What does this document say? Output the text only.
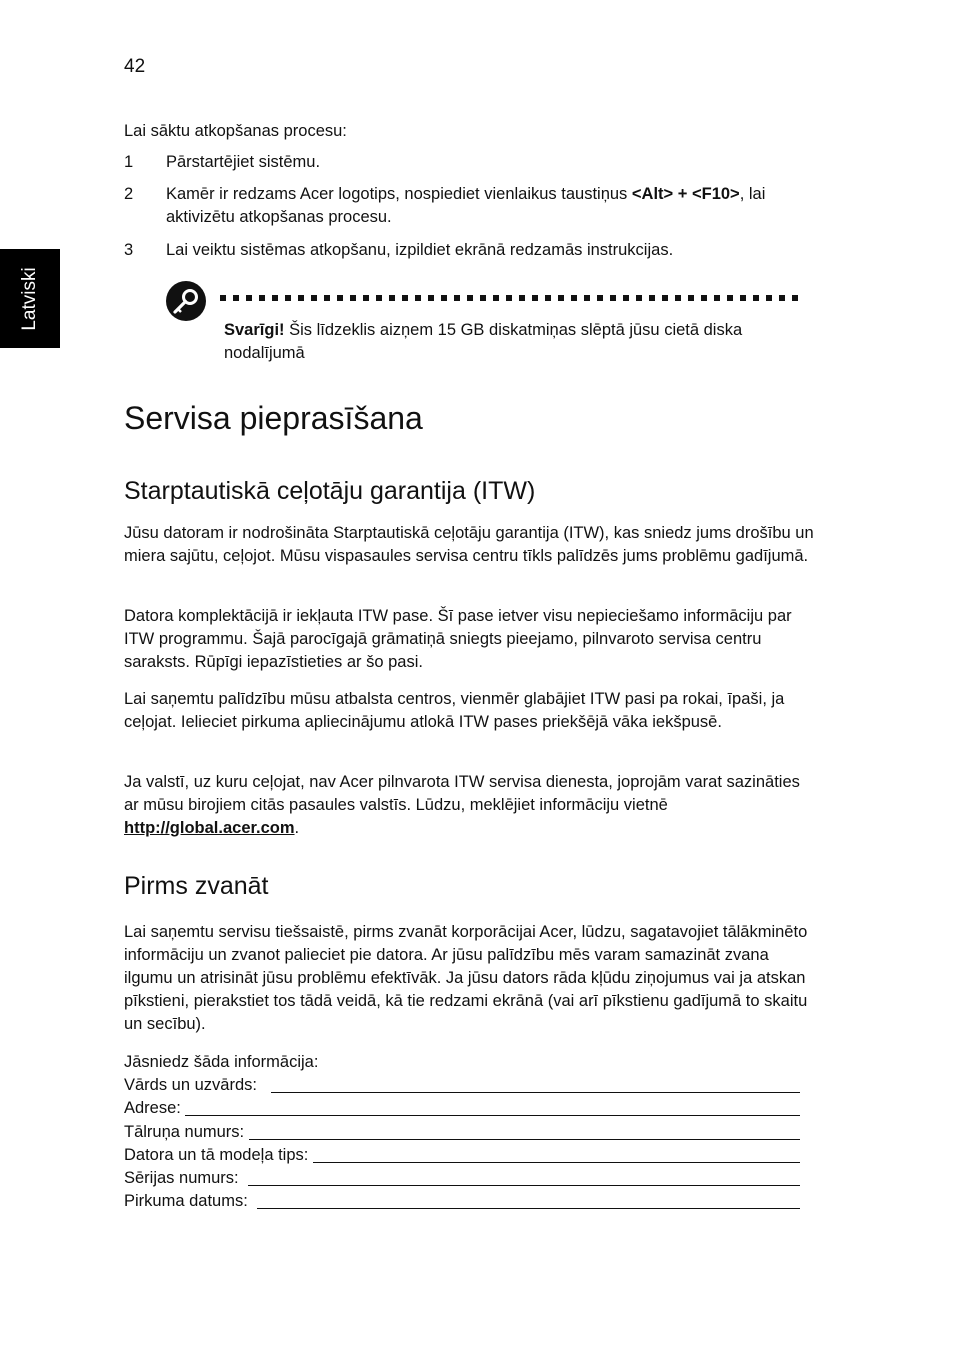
42
Latviski
Lai sāktu atkopšanas procesu:
1 Pārstartējiet sistēmu.
2 Kamēr ir redzams Acer logotips, nospiediet vienlaikus taustiņus <Alt> + <F10>, lai aktivizētu atkopšanas procesu.
3 Lai veiktu sistēmas atkopšanu, izpildiet ekrānā redzamās instrukcijas.
Svarīgi! Šis līdzeklis aizņem 15 GB diskatmiņas slēptā jūsu cietā diska nodalījumā
Servisa pieprasīšana
Starptautiskā ceļotāju garantija (ITW)
Jūsu datoram ir nodrošināta Starptautiskā ceļotāju garantija (ITW), kas sniedz jums drošību un miera sajūtu, ceļojot. Mūsu vispasaules servisa centru tīkls palīdzēs jums problēmu gadījumā.
Datora komplektācijā ir iekļauta ITW pase. Šī pase ietver visu nepieciešamo informāciju par ITW programmu. Šajā parocīgajā grāmatiņā sniegts pieejamo, pilnvaroto servisa centru saraksts. Rūpīgi iepazīstieties ar šo pasi.
Lai saņemtu palīdzību mūsu atbalsta centros, vienmēr glabājiet ITW pasi pa rokai, īpaši, ja ceļojat. Ielieciet pirkuma apliecinājumu atlokā ITW pases priekšējā vāka iekšpusē.
Ja valstī, uz kuru ceļojat, nav Acer pilnvarota ITW servisa dienesta, joprojām varat sazināties ar mūsu birojiem citās pasaules valstīs. Lūdzu, meklējiet informāciju vietnē http://global.acer.com.
Pirms zvanāt
Lai saņemtu servisu tiešsaistē, pirms zvanāt korporācijai Acer, lūdzu, sagatavojiet tālākminēto informāciju un zvanot palieciet pie datora. Ar jūsu palīdzību mēs varam samazināt zvana ilgumu un atrisināt jūsu problēmu efektīvāk. Ja jūsu dators rāda kļūdu ziņojumus vai ja atskan pīkstieni, pierakstiet tos tādā veidā, kā tie redzami ekrānā (vai arī pīkstienu gadījumā to skaitu un secību).
Jāsniedz šāda informācija:
Vārds un uzvārds:
Adrese:
Tālruņa numurs:
Datora un tā modeļa tips:
Sērijas numurs:
Pirkuma datums:
